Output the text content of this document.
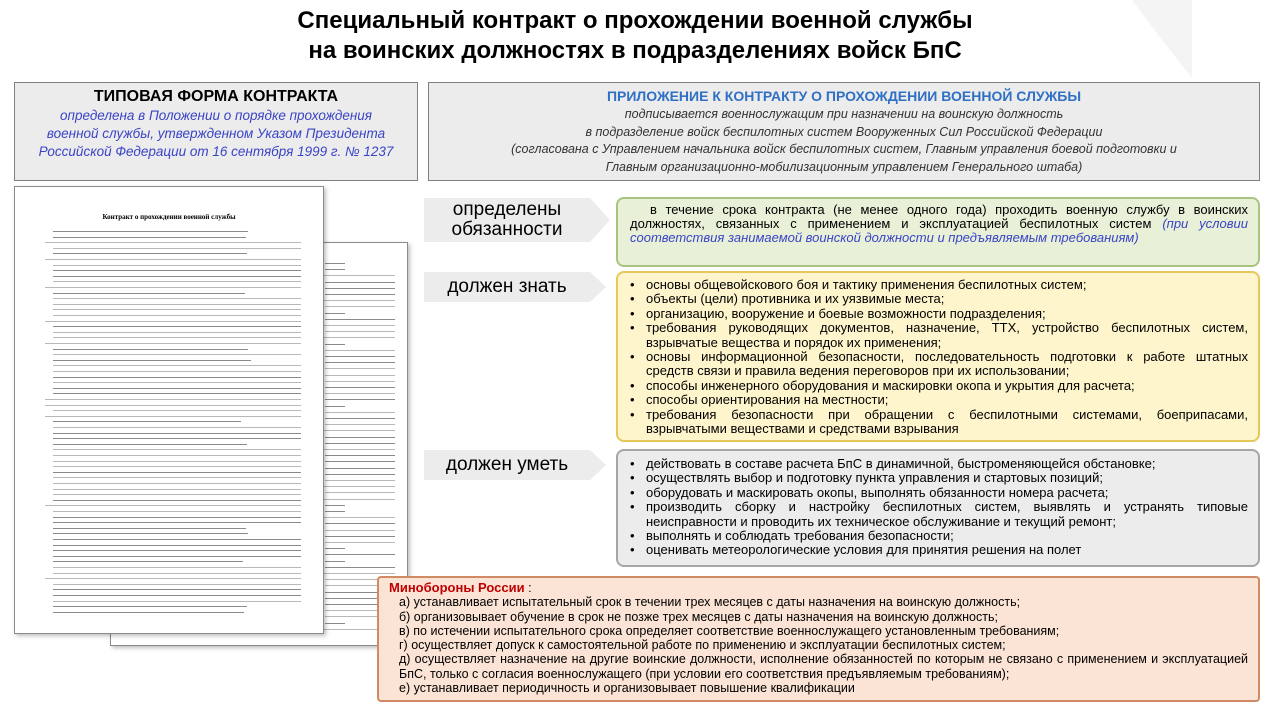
Специальный контракт о прохождении военной службы
на воинских должностях в подразделениях войск БпС
ТИПОВАЯ ФОРМА КОНТРАКТА
определена в Положении о порядке прохождения
военной службы, утвержденном Указом Президента
Российской Федерации от 16 сентября 1999 г. № 1237
ПРИЛОЖЕНИЕ К КОНТРАКТУ О ПРОХОЖДЕНИИ ВОЕННОЙ СЛУЖБЫ
подписывается военнослужащим при назначении на воинскую должность
в подразделение войск беспилотных систем Вооруженных Сил Российской Федерации
(согласована с Управлением начальника войск беспилотных систем, Главным управления боевой подготовки и
Главным организационно-мобилизационным управлением Генерального штаба)
Контракт о прохождении военной службы	определены
обязанности
должен знать
должен уметь
в течение срока контракта (не менее одного года) проходить военную службу в воинских должностях, связанных с применением и эксплуатацией беспилотных систем (при условии соответствия занимаемой воинской должности и предъявляемым требованиям)
• основы общевойскового боя и тактику применения беспилотных систем;
• объекты (цели) противника и их уязвимые места;
• организацию, вооружение и боевые возможности подразделения;
• требования руководящих документов, назначение, ТТХ, устройство беспилотных систем, взрывчатые вещества и порядок их применения;
• основы информационной безопасности, последовательность подготовки к работе штатных средств связи и правила ведения переговоров при их использовании;
• способы инженерного оборудования и маскировки окопа и укрытия для расчета;
• способы ориентирования на местности;
• требования безопасности при обращении с беспилотными системами, боеприпасами, взрывчатыми веществами и средствами взрывания
• действовать в составе расчета БпС в динамичной, быстроменяющейся обстановке;
• осуществлять выбор и подготовку пункта управления и стартовых позиций;
• оборудовать и маскировать окопы, выполнять обязанности номера расчета;
• производить сборку и настройку беспилотных систем, выявлять и устранять типовые неисправности и проводить их техническое обслуживание и текущий ремонт;
• выполнять и соблюдать требования безопасности;
• оценивать метеорологические условия для принятия решения на полет
Минобороны России :
а) устанавливает испытательный срок в течении трех месяцев с даты назначения на воинскую должность;
б) организовывает обучение в срок не позже трех месяцев с даты назначения на воинскую должность;
в) по истечении испытательного срока определяет соответствие военнослужащего установленным требованиям;
г) осуществляет допуск к самостоятельной работе по применению и эксплуатации беспилотных систем;
д) осуществляет назначение на другие воинские должности, исполнение обязанностей по которым не связано с применением и эксплуатацией БпС, только с согласия военнослужащего (при условии его соответствия предъявляемым требованиям);
е) устанавливает периодичность и организовывает повышение квалификации
